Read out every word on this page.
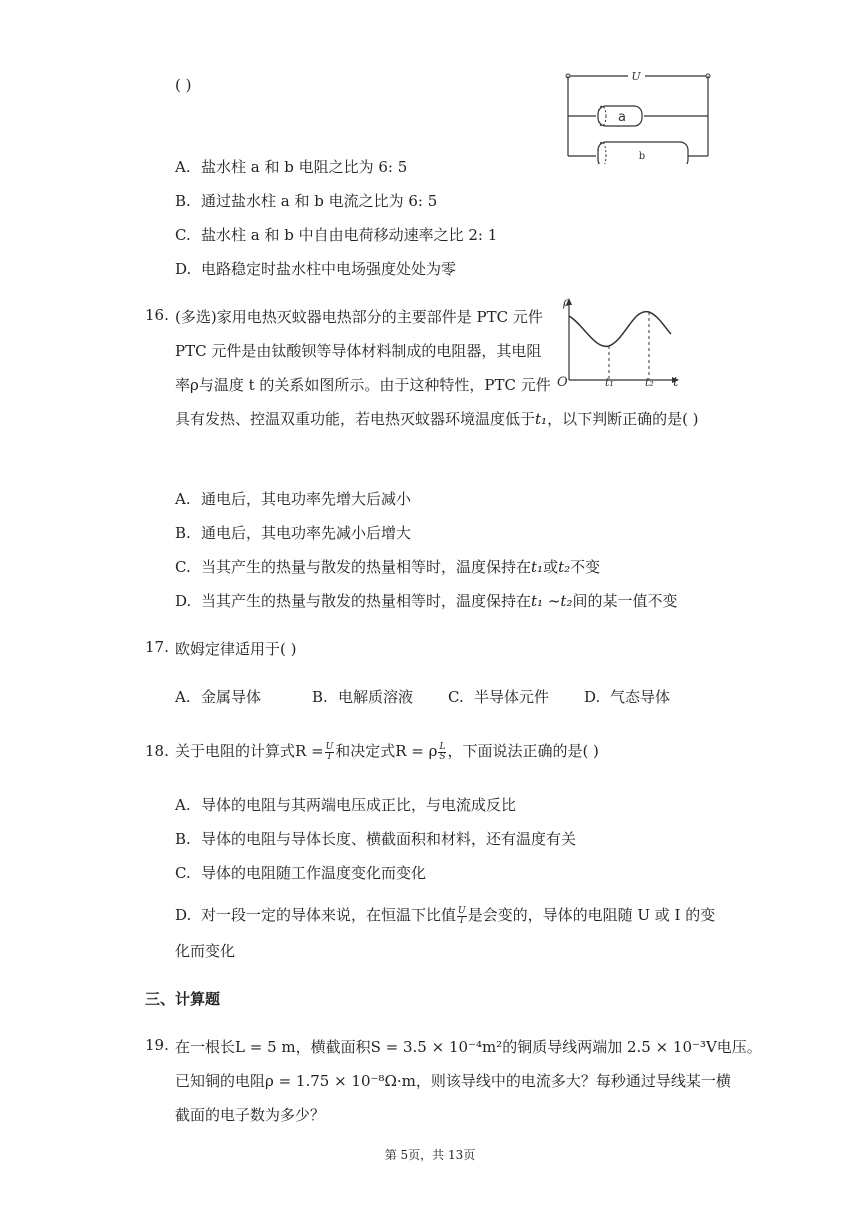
( )	U
a
b
A. 盐水柱 a 和 b 电阻之比为 6: 5
B. 通过盐水柱 a 和 b 电流之比为 6: 5
C. 盐水柱 a 和 b 中自由电荷移动速率之比 2: 1
D. 电路稳定时盐水柱中电场强度处处为零
16. (多选)家用电热灭蚊器电热部分的主要部件是 PTC 元件
PTC 元件是由钛酸钡等导体材料制成的电阻器，其电阻
率ρ与温度 t 的关系如图所示。由于这种特性，PTC 元件
具有发热、控温双重功能，若电热灭蚊器环境温度低于t₁，以下判断正确的是( )
ρ
O	t
t₁	t₂
A. 通电后，其电功率先增大后减小
B. 通电后，其电功率先减小后增大
C. 当其产生的热量与散发的热量相等时，温度保持在t₁或t₂不变
D. 当其产生的热量与散发的热量相等时，温度保持在t₁ ~t₂间的某一值不变
17. 欧姆定律适用于( )
A. 金属导体	B. 电解质溶液 C. 半导体元件 D. 气态导体
18. 关于电阻的计算式$R = \frac{U}{I}$ 和决定式R = ρ $\frac{L}{S}$ ，下面说法正确的是( )
A. 导体的电阻与其两端电压成正比，与电流成反比
B. 导体的电阻与导体长度、横截面积和材料，还有温度有关
C. 导体的电阻随工作温度变化而变化
D. 对一段一定的导体来说，在恒温下比值 $\frac{U}{I}$ 是会变的，导体的电阻随 U 或 I 的变
化而变化
三、计算题
19. 在一根长L = 5 m，横截面积S = 3.5 × 10⁻⁴m²的铜质导线两端加 2.5 × 10⁻³V电压。
已知铜的电阻ρ = 1.75 × 10⁻⁸Ω·m，则该导线中的电流多大？每秒通过导线某一横
截面的电子数为多少？
第 5页，共 13页
